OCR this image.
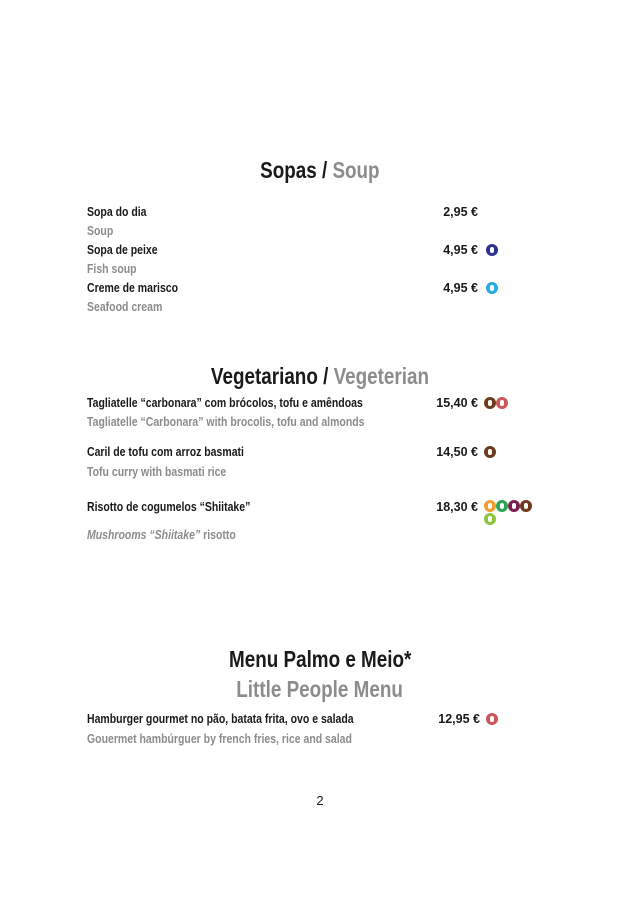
Sopas / Soup
Sopa do dia	2,95 €
Soup
Sopa de peixe	4,95 €
Fish soup
Creme de marisco	4,95 €
Seafood cream
Vegetariano / Vegeterian
Tagliatelle “carbonara” com brócolos, tofu e amêndoas	15,40 €
Tagliatelle “Carbonara” with brocolis, tofu and almonds
Caril de tofu com arroz basmati	14,50 €
Tofu curry with basmati rice
Risotto de cogumelos “Shiitake”	18,30 €
Mushrooms “Shiitake” risotto
Menu Palmo e Meio*
Little People Menu
Hamburger gourmet no pão, batata frita, ovo e salada	12,95 €
Gouermet hambúrguer by french fries, rice and salad
2
